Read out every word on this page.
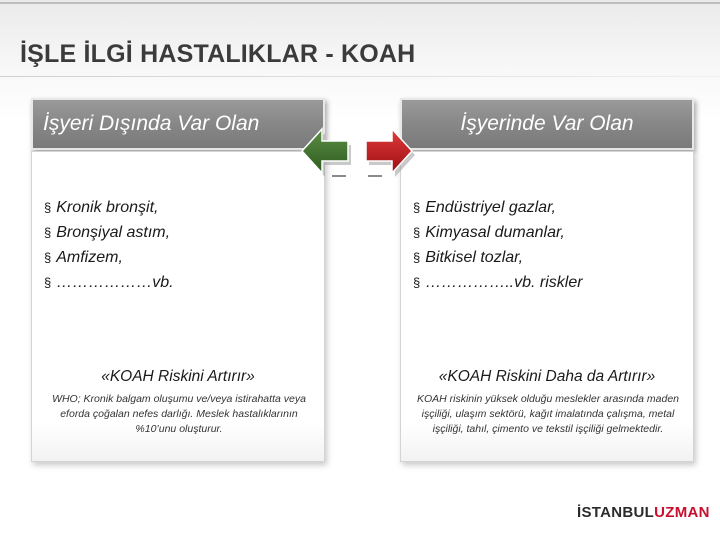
İŞLE İLGİ HASTALIKLAR - KOAH
İşyeri Dışında Var Olan
§ Kronik bronşit,
§ Bronşiyal astım,
§ Amfizem,
§ ………………vb.
«KOAH Riskini Artırır»
WHO; Kronik balgam oluşumu ve/veya istirahatta veya eforda çoğalan nefes darlığı. Meslek hastalıklarının %10’unu oluşturur.
İşyerinde Var Olan
§ Endüstriyel gazlar,
§ Kimyasal dumanlar,
§ Bitkisel tozlar,
§ ……………..vb. riskler
«KOAH Riskini Daha da Artırır»
KOAH riskinin yüksek olduğu meslekler arasında maden işçiliği, ulaşım sektörü, kağıt imalatında çalışma, metal işçiliği, tahıl, çimento ve tekstil işçiliği gelmektedir.
İSTANBULUZMAN
